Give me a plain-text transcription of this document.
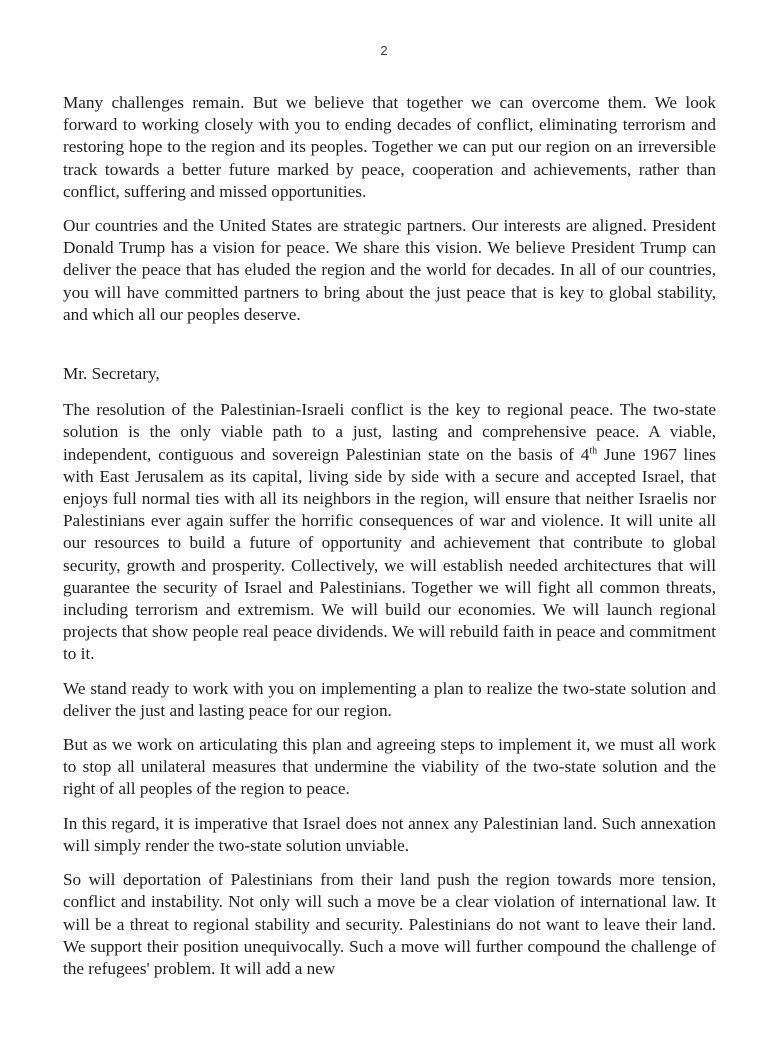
2

Many challenges remain. But we believe that together we can overcome them. We look forward to working closely with you to ending decades of conflict, eliminating terrorism and restoring hope to the region and its peoples. Together we can put our region on an irreversible track towards a better future marked by peace, cooperation and achievements, rather than conflict, suffering and missed opportunities.

Our countries and the United States are strategic partners. Our interests are aligned. President Donald Trump has a vision for peace. We share this vision. We believe President Trump can deliver the peace that has eluded the region and the world for decades. In all of our countries, you will have committed partners to bring about the just peace that is key to global stability, and which all our peoples deserve.

Mr. Secretary,

The resolution of the Palestinian-Israeli conflict is the key to regional peace. The two-state solution is the only viable path to a just, lasting and comprehensive peace. A viable, independent, contiguous and sovereign Palestinian state on the basis of 4th June 1967 lines with East Jerusalem as its capital, living side by side with a secure and accepted Israel, that enjoys full normal ties with all its neighbors in the region, will ensure that neither Israelis nor Palestinians ever again suffer the horrific consequences of war and violence. It will unite all our resources to build a future of opportunity and achievement that contribute to global security, growth and prosperity. Collectively, we will establish needed architectures that will guarantee the security of Israel and Palestinians. Together we will fight all common threats, including terrorism and extremism. We will build our economies. We will launch regional projects that show people real peace dividends. We will rebuild faith in peace and commitment to it.

We stand ready to work with you on implementing a plan to realize the two-state solution and deliver the just and lasting peace for our region.

But as we work on articulating this plan and agreeing steps to implement it, we must all work to stop all unilateral measures that undermine the viability of the two-state solution and the right of all peoples of the region to peace.

In this regard, it is imperative that Israel does not annex any Palestinian land. Such annexation will simply render the two-state solution unviable.

So will deportation of Palestinians from their land push the region towards more tension, conflict and instability. Not only will such a move be a clear violation of international law. It will be a threat to regional stability and security. Palestinians do not want to leave their land. We support their position unequivocally. Such a move will further compound the challenge of the refugees' problem. It will add a new
